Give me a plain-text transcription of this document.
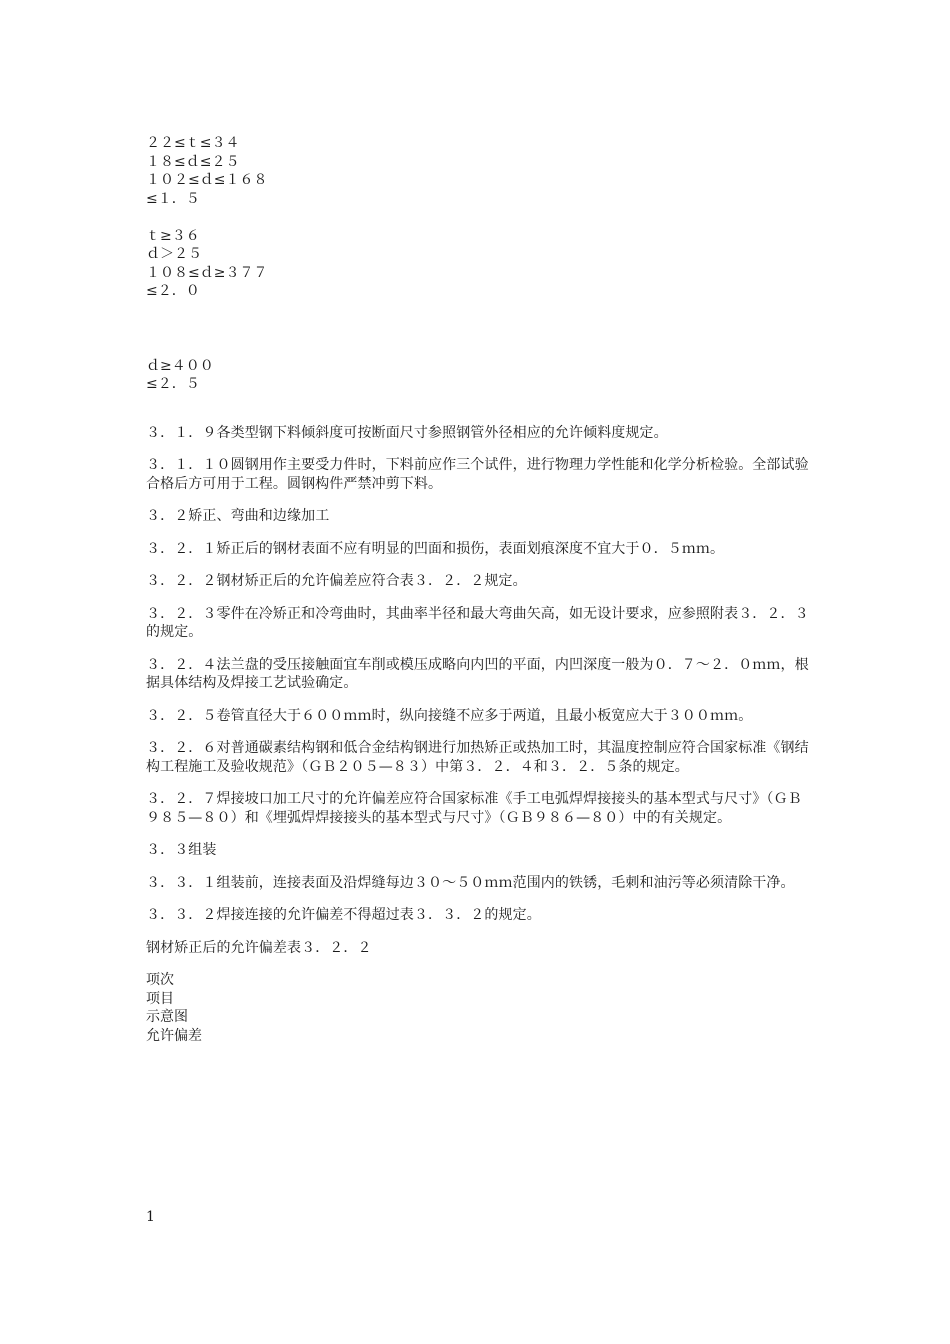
２２≤ｔ≤３４
１８≤ｄ≤２５
１０２≤ｄ≤１６８
≤１．５
ｔ≥３６
ｄ＞２５
１０８≤ｄ≥３７７
≤２．０
ｄ≥４００
≤２．５

３．１．９各类型钢下料倾斜度可按断面尺寸参照钢管外径相应的允许倾料度规定。

３．１．１０圆钢用作主要受力件时，下料前应作三个试件，进行物理力学性能和化学分析检验。全部试验合格后方可用于工程。圆钢构件严禁冲剪下料。

３．２矫正、弯曲和边缘加工

３．２．１矫正后的钢材表面不应有明显的凹面和损伤，表面划痕深度不宜大于０．５ｍｍ。

３．２．２钢材矫正后的允许偏差应符合表３．２．２规定。

３．２．３零件在冷矫正和冷弯曲时，其曲率半径和最大弯曲矢高，如无设计要求，应参照附表３．２．３的规定。

３．２．４法兰盘的受压接触面宜车削或模压成略向内凹的平面，内凹深度一般为０．７～２．０ｍｍ，根据具体结构及焊接工艺试验确定。

３．２．５卷管直径大于６００ｍｍ时，纵向接缝不应多于两道，且最小板宽应大于３００ｍｍ。

３．２．６对普通碳素结构钢和低合金结构钢进行加热矫正或热加工时，其温度控制应符合国家标准《钢结构工程施工及验收规范》（ＧＢ２０５—８３）中第３．２．４和３．２．５条的规定。

３．２．７焊接坡口加工尺寸的允许偏差应符合国家标准《手工电弧焊焊接接头的基本型式与尺寸》（ＧＢ９８５—８０）和《埋弧焊焊接接头的基本型式与尺寸》（ＧＢ９８６—８０）中的有关规定。

３．３组装

３．３．１组装前，连接表面及沿焊缝每边３０～５０ｍｍ范围内的铁锈，毛刺和油污等必须清除干净。

３．３．２焊接连接的允许偏差不得超过表３．３．２的规定。

钢材矫正后的允许偏差表３．２．２

项次
项目
示意图
允许偏差
1
